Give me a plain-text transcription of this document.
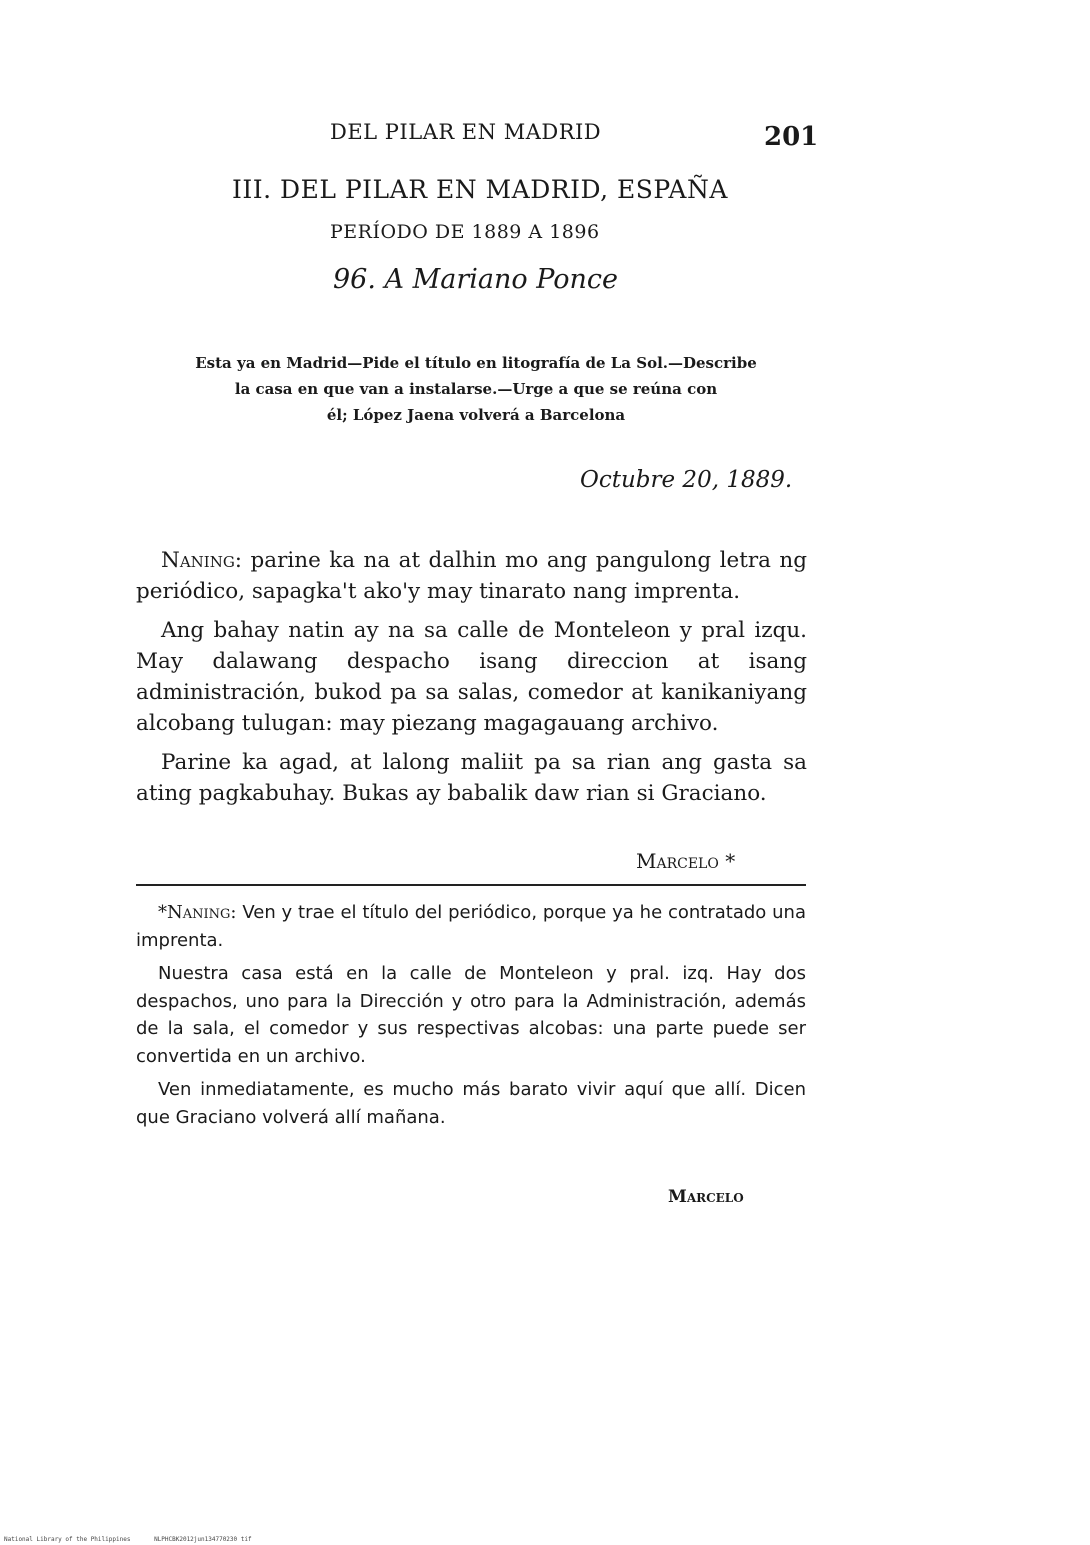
DEL PILAR EN MADRID	201
III. DEL PILAR EN MADRID, ESPAÑA
PERÍODO DE 1889 A 1896
96. A Mariano Ponce
Esta ya en Madrid—Pide el título en litografía de La Sol.—Describe
la casa en que van a instalarse.—Urge a que se reúna con
él; López Jaena volverá a Barcelona
Octubre 20, 1889.

Naning: parine ka na at dalhin mo ang pangulong letra ng periódico, sapagka't ako'y may tinarato nang imprenta.

Ang bahay natin ay na sa calle de Monteleon y pral izqu. May dalawang despacho isang direccion at isang administración, bukod pa sa salas, comedor at kanikaniyang alcobang tulugan: may piezang magagauang archivo.

Parine ka agad, at lalong maliit pa sa rian ang gasta sa ating pagkabuhay. Bukas ay babalik daw rian si Graciano.

Marcelo *

*Naning: Ven y trae el título del periódico, porque ya he contratado una imprenta.

Nuestra casa está en la calle de Monteleon y pral. izq. Hay dos despachos, uno para la Dirección y otro para la Administración, además de la sala, el comedor y sus respectivas alcobas: una parte puede ser convertida en un archivo.

Ven inmediatamente, es mucho más barato vivir aquí que allí. Dicen que Graciano volverá allí mañana.

Marcelo
National Library of the Philippines	NLPHCBK2012jun134770230 tif
